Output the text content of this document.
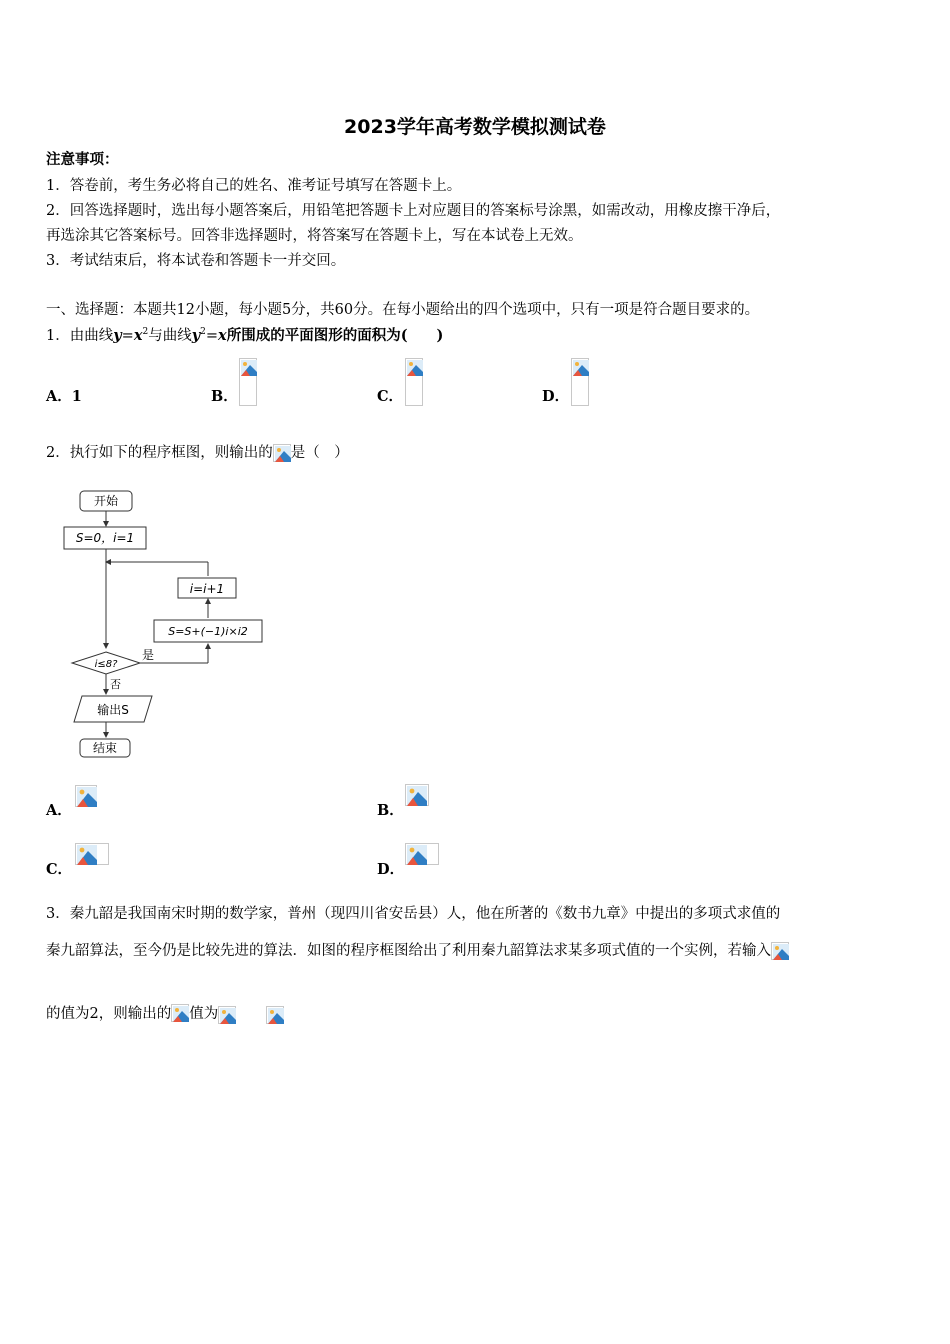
2023学年高考数学模拟测试卷
注意事项：
1．答卷前，考生务必将自己的姓名、准考证号填写在答题卡上。
2．回答选择题时，选出每小题答案后，用铅笔把答题卡上对应题目的答案标号涂黑，如需改动，用橡皮擦干净后，
再选涂其它答案标号。回答非选择题时，将答案写在答题卡上，写在本试卷上无效。
3．考试结束后，将本试卷和答题卡一并交回。
一、选择题：本题共12小题，每小题5分，共60分。在每小题给出的四个选项中，只有一项是符合题目要求的。
1．由曲线$y=x^2$与曲线$y^2=x$所围成的平面图形的面积为(　　)
A．1	B．	C．	D．
2．执行如下的程序框图，则输出的 是（　）
开始
S=0，i=1
i=i+1
S=S+(−1)i×i2
i≤8?
是
否
输出S
结束
A．	B．
C．	D．
3．秦九韶是我国南宋时期的数学家，普州（现四川省安岳县）人，他在所著的《数书九章》中提出的多项式求值的
秦九韶算法，至今仍是比较先进的算法．如图的程序框图给出了利用秦九韶算法求某多项式值的一个实例，若输入
的值为2，则输出的 值为
